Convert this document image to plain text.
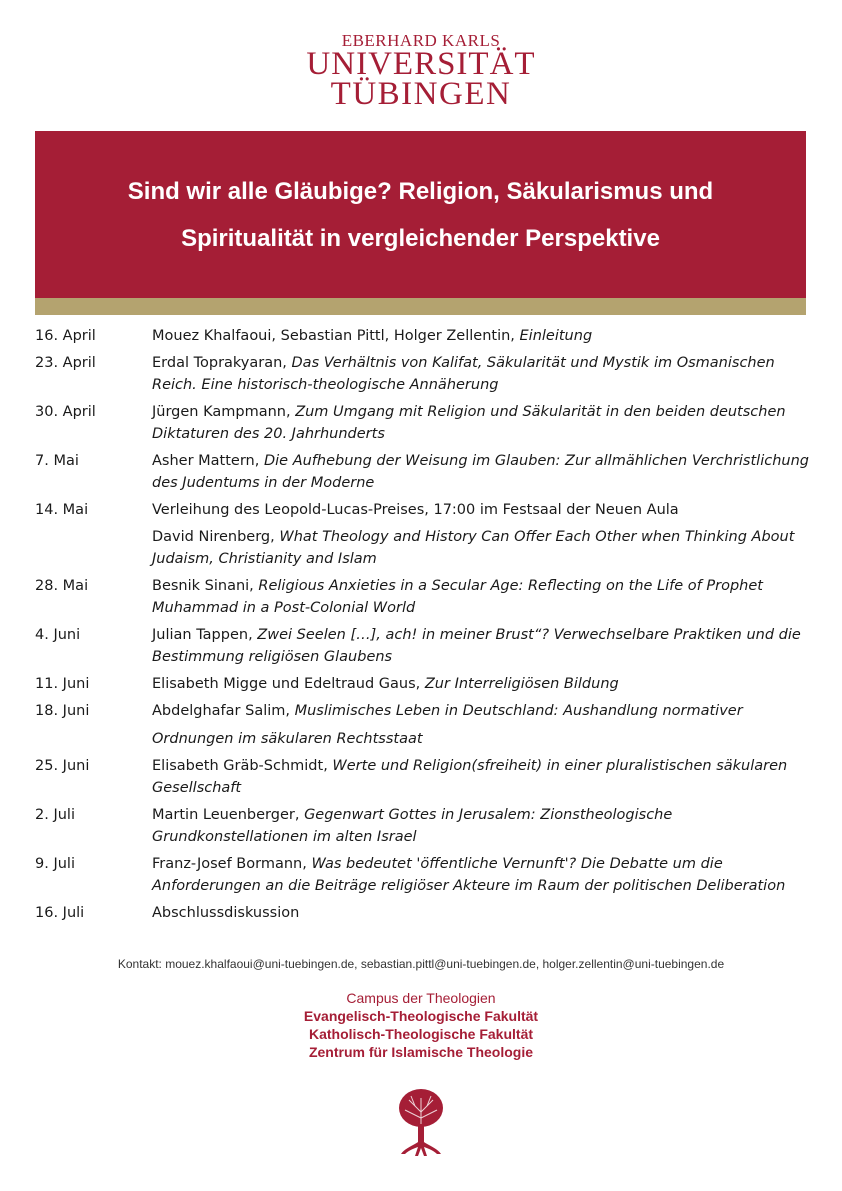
EBERHARD KARLS
UNIVERSITÄT
TÜBINGEN
Sind wir alle Gläubige? Religion, Säkularismus und
Spiritualität in vergleichender Perspektive
16. April	Mouez Khalfaoui, Sebastian Pittl, Holger Zellentin, Einleitung
23. April	Erdal Toprakyaran, Das Verhältnis von Kalifat, Säkularität und Mystik im Osmanischen Reich. Eine historisch-theologische Annäherung
30. April	Jürgen Kampmann, Zum Umgang mit Religion und Säkularität in den beiden deutschen Diktaturen des 20. Jahrhunderts
7. Mai	Asher Mattern, Die Aufhebung der Weisung im Glauben: Zur allmählichen Verchristlichung des Judentums in der Moderne
14. Mai	Verleihung des Leopold-Lucas-Preises, 17:00 im Festsaal der Neuen Aula
David Nirenberg, What Theology and History Can Offer Each Other when Thinking About Judaism, Christianity and Islam
28. Mai	Besnik Sinani, Religious Anxieties in a Secular Age: Reflecting on the Life of Prophet Muhammad in a Post-Colonial World
4. Juni	Julian Tappen, Zwei Seelen […], ach! in meiner Brust“? Verwechselbare Praktiken und die Bestimmung religiösen Glaubens
11. Juni	Elisabeth Migge und Edeltraud Gaus, Zur Interreligiösen Bildung
18. Juni	Abdelghafar Salim, Muslimisches Leben in Deutschland: Aushandlung normativer
Ordnungen im säkularen Rechtsstaat
25. Juni	Elisabeth Gräb-Schmidt, Werte und Religion(sfreiheit) in einer pluralistischen säkularen Gesellschaft
2. Juli	Martin Leuenberger, Gegenwart Gottes in Jerusalem: Zionstheologische Grundkonstellationen im alten Israel
9. Juli	Franz-Josef Bormann, Was bedeutet 'öffentliche Vernunft'? Die Debatte um die Anforderungen an die Beiträge religiöser Akteure im Raum der politischen Deliberation
16. Juli	Abschlussdiskussion
Kontakt: mouez.khalfaoui@uni-tuebingen.de, sebastian.pittl@uni-tuebingen.de, holger.zellentin@uni-tuebingen.de
Campus der Theologien
Evangelisch-Theologische Fakultät
Katholisch-Theologische Fakultät
Zentrum für Islamische Theologie
